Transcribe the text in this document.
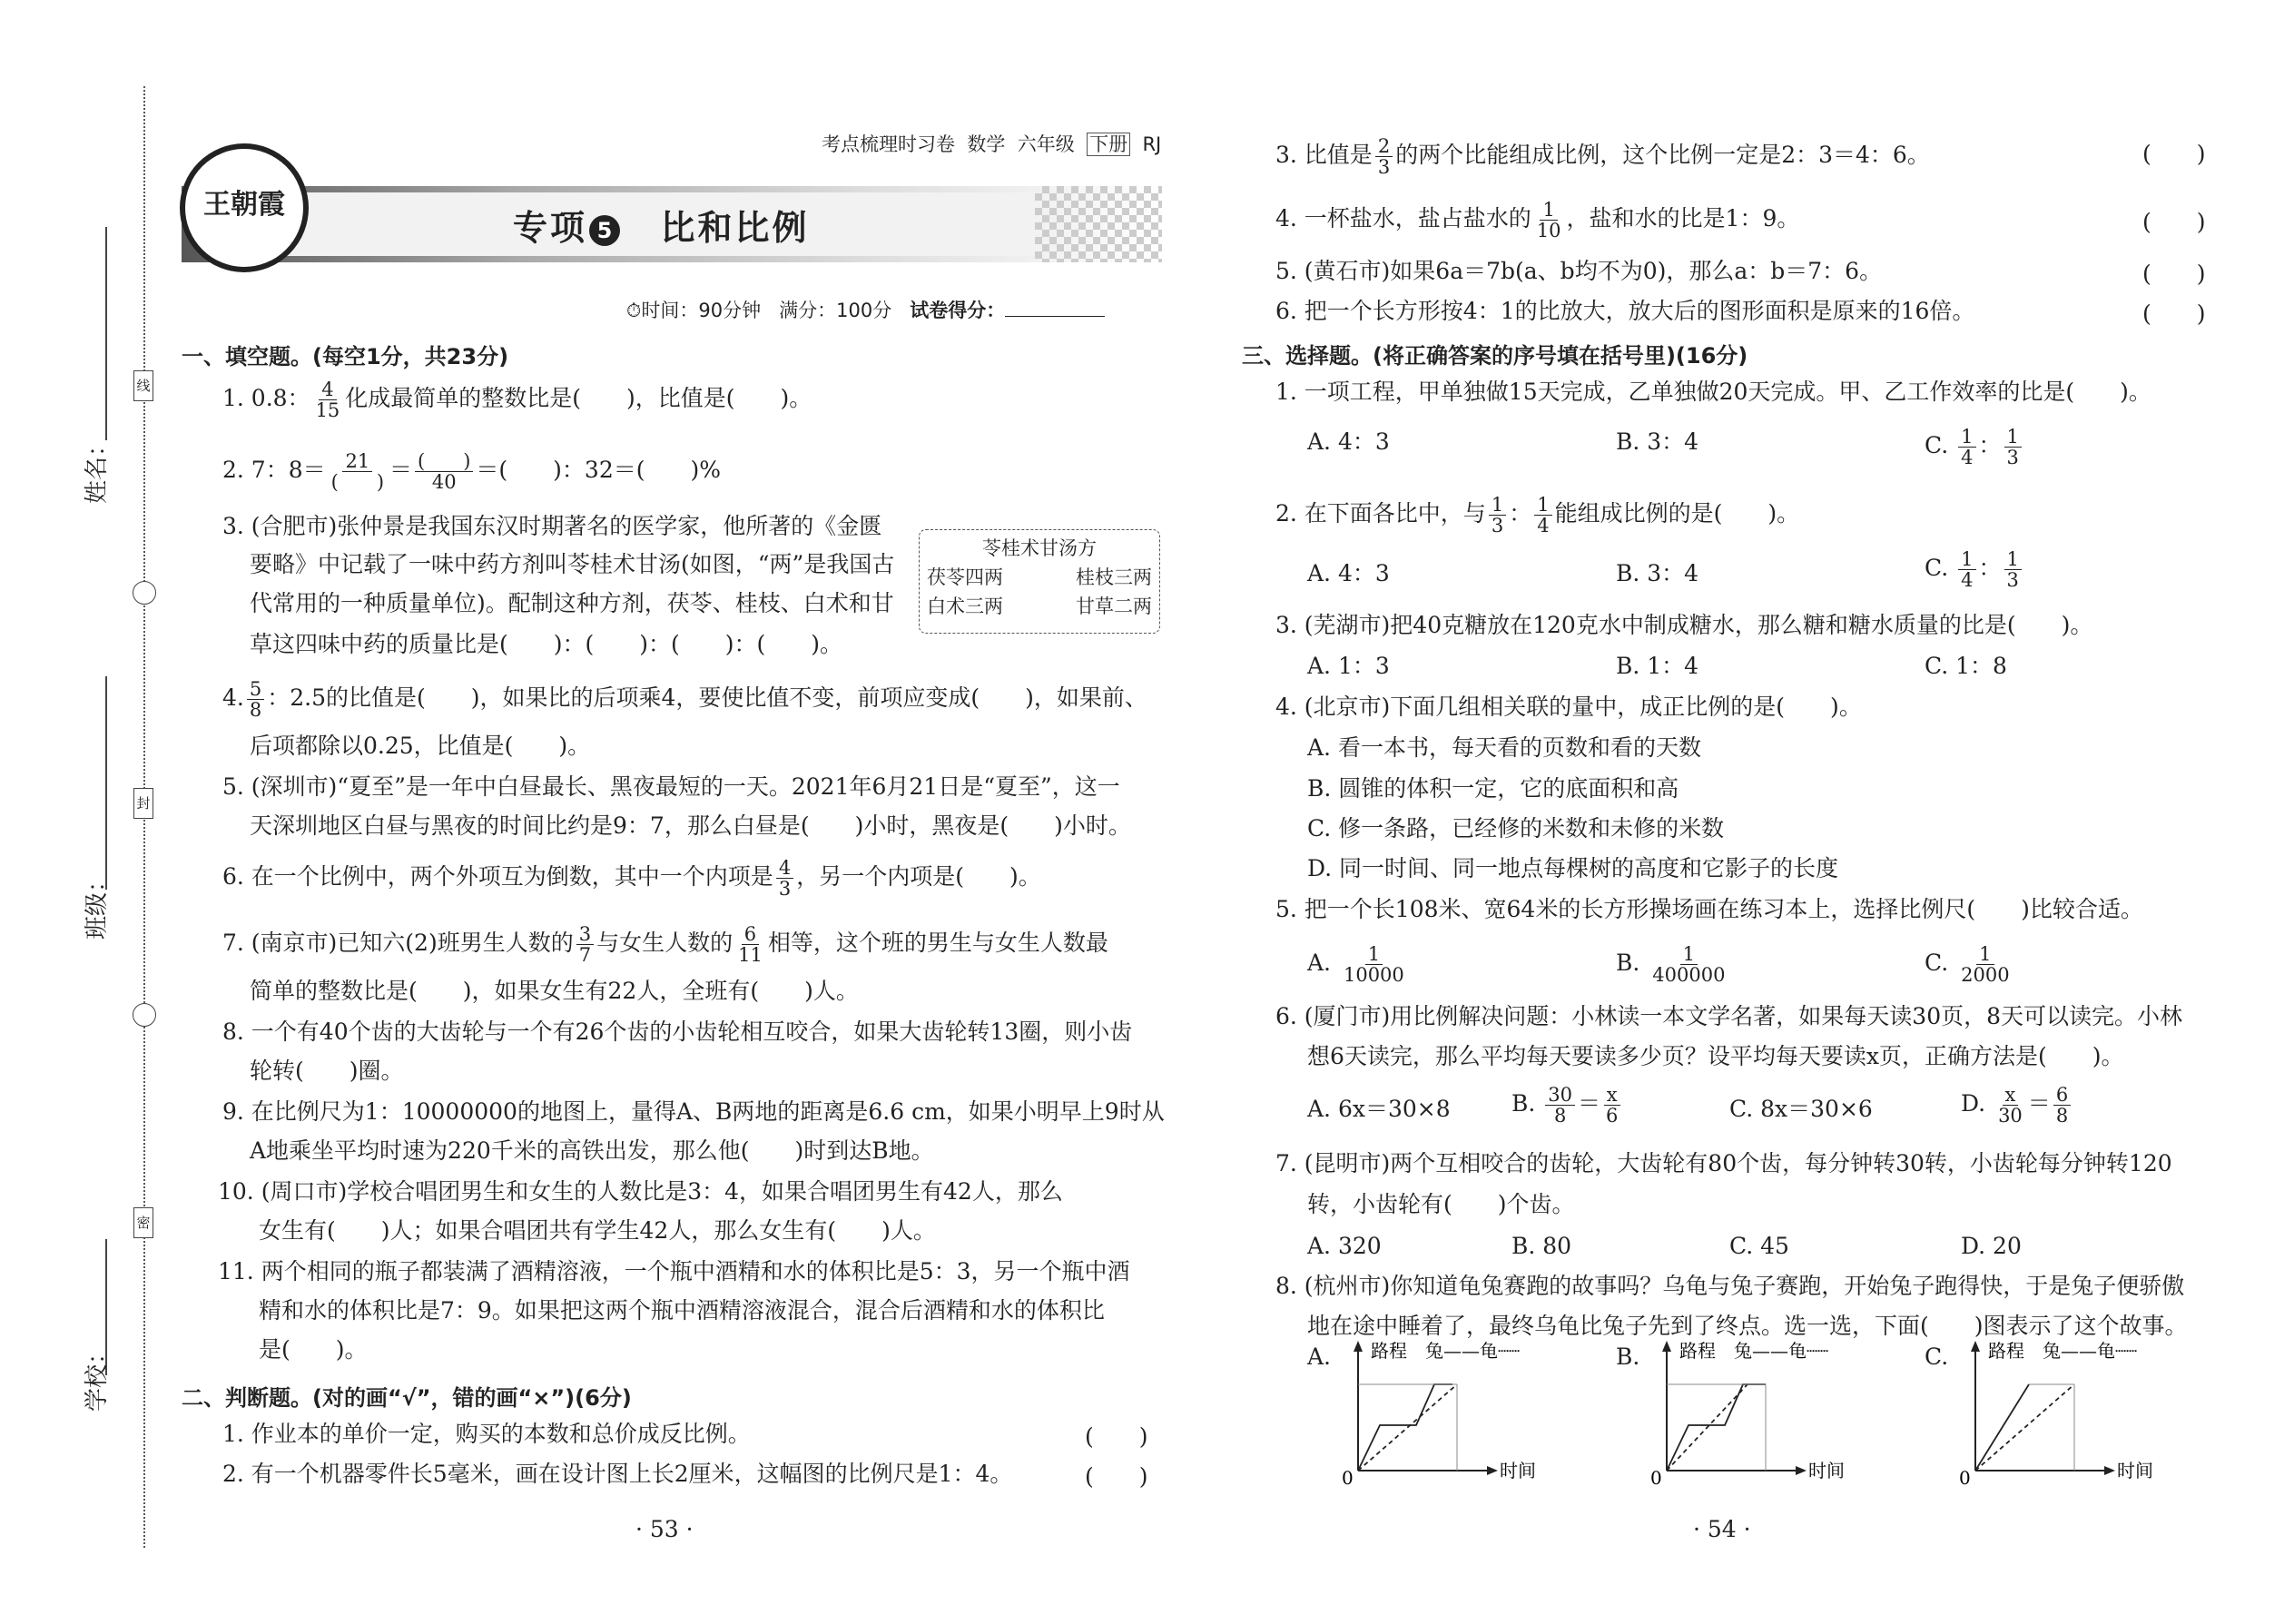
姓名：
班级：
学校：
线
封
密
考点梳理时习卷 数学 六年级 下册 RJ
王朝霞
专项 5 比和比例
⏱时间：90分钟 满分：100分 试卷得分：
一、填空题。(每空1分，共23分)
1. 0.8： $\frac{4}{15}$ 化成最简单的整数比是(　　)，比值是(　　)。
2. 7：$8= \frac{21}{( )} = \frac{( )}{40}$ ＝(　　)：32＝(　　)%
3. (合肥市)张仲景是我国东汉时期著名的医学家，他所著的《金匮
要略》中记载了一味中药方剂叫苓桂术甘汤(如图，“两”是我国古
代常用的一种质量单位)。配制这种方剂，茯苓、桂枝、白术和甘
草这四味中药的质量比是(　　)：(　　)：(　　)：(　　)。
苓桂术甘汤方
茯苓四两	桂枝三两
白术三两	甘草二两
4. $\frac{5}{8}$ ：2.5的比值是(　　)，如果比的后项乘4，要使比值不变，前项应变成(　　)，如果前、
后项都除以0.25，比值是(　　)。
5. (深圳市)“夏至”是一年中白昼最长、黑夜最短的一天。2021年6月21日是“夏至”，这一
天深圳地区白昼与黑夜的时间比约是9：7，那么白昼是(　　)小时，黑夜是(　　)小时。
6. 在一个比例中，两个外项互为倒数，其中一个内项是 $\frac{4}{3}$ ，另一个内项是(　　)。
7. (南京市)已知六(2)班男生人数的 $\frac{3}{7}$ 与女生人数的 $\frac{6}{11}$ 相等，这个班的男生与女生人数最
简单的整数比是(　　)，如果女生有22人，全班有(　　)人。
8. 一个有40个齿的大齿轮与一个有26个齿的小齿轮相互咬合，如果大齿轮转13圈，则小齿
轮转(　　)圈。
9. 在比例尺为1：10000000的地图上，量得A、B两地的距离是6.6 cm，如果小明早上9时从
A地乘坐平均时速为220千米的高铁出发，那么他(　　)时到达B地。
10. (周口市)学校合唱团男生和女生的人数比是3：4，如果合唱团男生有42人，那么
女生有(　　)人；如果合唱团共有学生42人，那么女生有(　　)人。
11. 两个相同的瓶子都装满了酒精溶液，一个瓶中酒精和水的体积比是5：3，另一个瓶中酒
精和水的体积比是7：9。如果把这两个瓶中酒精溶液混合，混合后酒精和水的体积比
是(　　)。
二、判断题。(对的画“√”，错的画“×”)(6分)
1. 作业本的单价一定，购买的本数和总价成反比例。	(　　)
2. 有一个机器零件长5毫米，画在设计图上长2厘米，这幅图的比例尺是1：4。	(　　)
· 53 ·
3. 比值是 $\frac{2}{3}$ 的两个比能组成比例，这个比例一定是2：3＝4：6。	(　　)
4. 一杯盐水，盐占盐水的 $\frac{1}{10}$ ，盐和水的比是1：9。	(　　)
5. (黄石市)如果6a＝7b(a、b均不为0)，那么a：b＝7：6。	(　　)
6. 把一个长方形按4：1的比放大，放大后的图形面积是原来的16倍。	(　　)
三、选择题。(将正确答案的序号填在括号里)(16分)
1. 一项工程，甲单独做15天完成，乙单独做20天完成。甲、乙工作效率的比是(　　)。
A. 4：3	B. 3：4	C. $\frac{1}{4}$ ： $\frac{1}{3}$
2. 在下面各比中，与 $\frac{1}{3}$ ： $\frac{1}{4}$ 能组成比例的是(　　)。
A. 4：3	B. 3：4	C. $\frac{1}{4}$ ： $\frac{1}{3}$
3. (芜湖市)把40克糖放在120克水中制成糖水，那么糖和糖水质量的比是(　　)。
A. 1：3	B. 1：4	C. 1：8
4. (北京市)下面几组相关联的量中，成正比例的是(　　)。
A. 看一本书，每天看的页数和看的天数
B. 圆锥的体积一定，它的底面积和高
C. 修一条路，已经修的米数和未修的米数
D. 同一时间、同一地点每棵树的高度和它影子的长度
5. 把一个长108米、宽64米的长方形操场画在练习本上，选择比例尺(　　)比较合适。
A. $\frac{1}{10000}$	B. $\frac{1}{400000}$	C. $\frac{1}{2000}$
6. (厦门市)用比例解决问题：小林读一本文学名著，如果每天读30页，8天可以读完。小林
想6天读完，那么平均每天要读多少页？设平均每天要读x页，正确方法是(　　)。
A. 6x＝30×8	B. $\frac{30}{8} = \frac{x}{6}$	C. 8x＝30×6	D. $\frac{x}{30} = \frac{6}{8}$
7. (昆明市)两个互相咬合的齿轮，大齿轮有80个齿，每分钟转30转，小齿轮每分钟转120
转，小齿轮有(　　)个齿。
A. 320	B. 80	C. 45	D. 20
8. (杭州市)你知道龟兔赛跑的故事吗？乌龟与兔子赛跑，开始兔子跑得快，于是兔子便骄傲
地在途中睡着了，最终乌龟比兔子先到了终点。选一选，下面(　　)图表示了这个故事。
A.	B.	C.
0
路程 兔——龟┈┈
时间	0
路程 兔——龟┈┈
时间	0
路程 兔——龟┈┈
时间
· 54 ·
